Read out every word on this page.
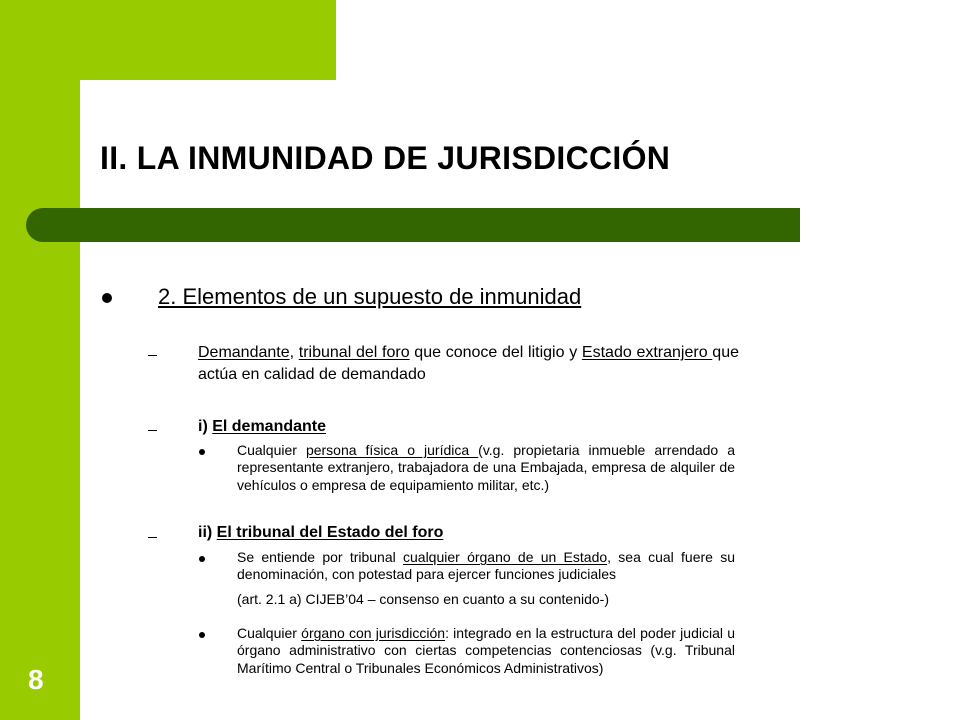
II. LA INMUNIDAD DE JURISDICCIÓN
8
2. Elementos de un supuesto de inmunidad
Demandante, tribunal del foro que conoce del litigio y Estado extranjero que
actúa en calidad de demandado
i) El demandante
Cualquier persona física o jurídica (v.g. propietaria inmueble arrendado a
representante extranjero, trabajadora de una Embajada, empresa de alquiler de
vehículos o empresa de equipamiento militar, etc.)
ii) El tribunal del Estado del foro
Se entiende por tribunal cualquier órgano de un Estado, sea cual fuere su
denominación, con potestad para ejercer funciones judiciales
(art. 2.1 a) CIJEB’04 – consenso en cuanto a su contenido-)
Cualquier órgano con jurisdicción: integrado en la estructura del poder judicial u
órgano administrativo con ciertas competencias contenciosas (v.g. Tribunal
Marítimo Central o Tribunales Económicos Administrativos)
